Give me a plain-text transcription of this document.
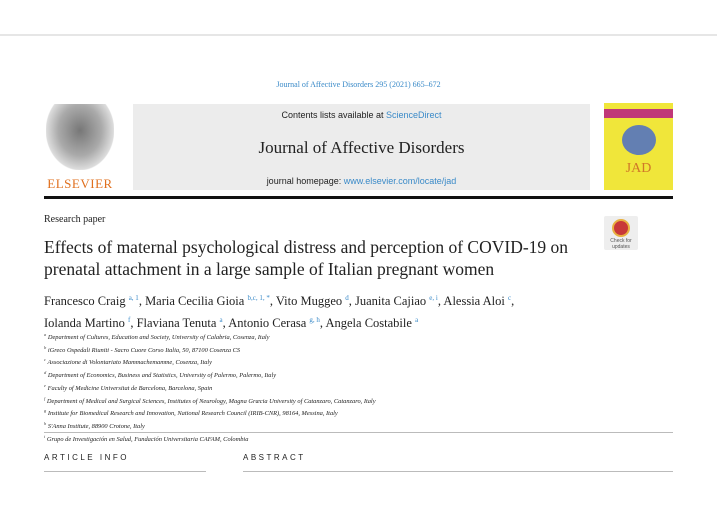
Journal of Affective Disorders 295 (2021) 665–672
ELSEVIER
Contents lists available at ScienceDirect
Journal of Affective Disorders
journal homepage: www.elsevier.com/locate/jad
JAD
Research paper
Effects of maternal psychological distress and perception of COVID-19 on prenatal attachment in a large sample of Italian pregnant women
Check for updates
Francesco Craig $^{a, 1}$, Maria Cecilia Gioia $^{b,c, 1, *}$, Vito Muggeo $^d$, Juanita Cajiao $^{e, i}$, Alessia Aloi $^c$,
Iolanda Martino $^f$, Flaviana Tenuta $^a$, Antonio Cerasa $^{g, h}$, Angela Costabile $^a$
$^a$ Department of Cultures, Education and Society, University of Calabria, Cosenza, Italy
$^b$ iGreco Ospedali Riuniti - Sacro Cuore Corso Italia, 50, 87100 Cosenza CS
$^c$ Associazione di Volontariato Mammachemamme, Cosenza, Italy
$^d$ Department of Economics, Business and Statistics, University of Palermo, Palermo, Italy
$^e$ Faculty of Medicine Universitat de Barcelona, Barcelona, Spain
$^f$ Department of Medical and Surgical Sciences, Institutes of Neurology, Magna Græcia University of Catanzaro, Catanzaro, Italy
$^g$ Institute for Biomedical Research and Innovation, National Research Council (IRIB-CNR), 98164, Messina, Italy
$^h$ S'Anna Institute, 88900 Crotone, Italy
$^i$ Grupo de Investigación en Salud, Fundación Universitaria CAFAM, Colombia
ARTICLE INFO	ABSTRACT
